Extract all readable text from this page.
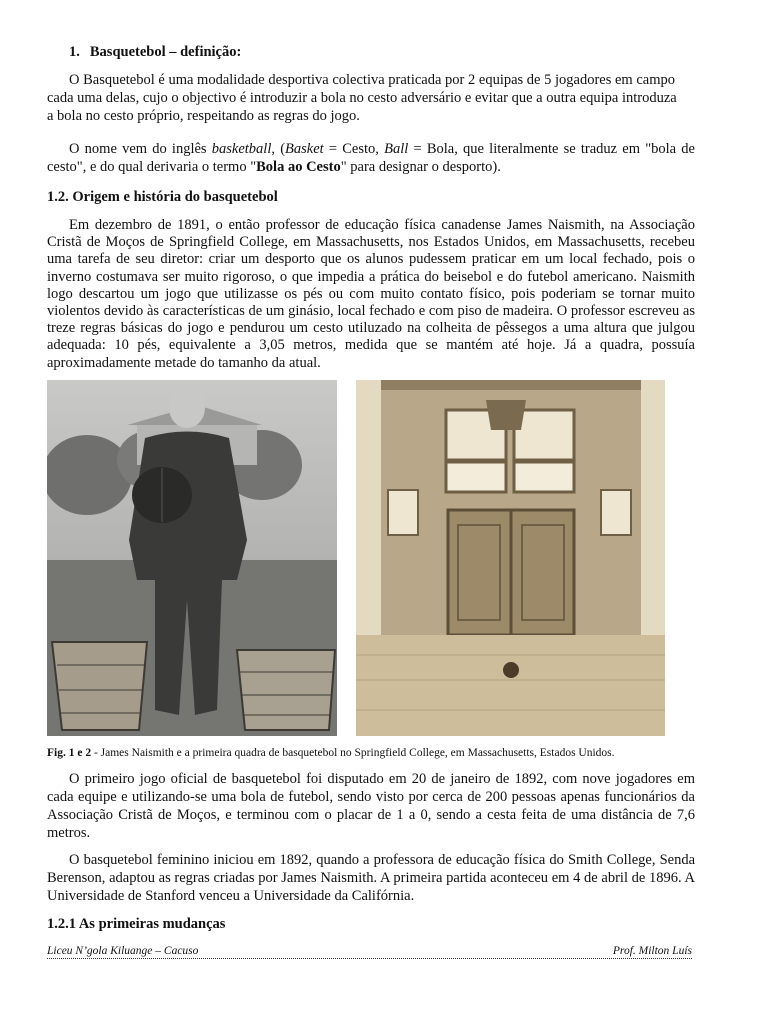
1. Basquetebol – definição:

O Basquetebol é uma modalidade desportiva colectiva praticada por 2 equipas de 5 jogadores em campo
cada uma delas, cujo o objectivo é introduzir a bola no cesto adversário e evitar que a outra equipa introduza
a bola no cesto próprio, respeitando as regras do jogo.

O nome vem do inglês basketball, (Basket = Cesto, Ball = Bola, que literalmente se traduz em "bola de cesto", e do qual derivaria o termo "Bola ao Cesto" para designar o desporto).

1.2. Origem e história do basquetebol

Em dezembro de 1891, o então professor de educação física canadense James Naismith, na Associação Cristã de Moços de Springfield College, em Massachusetts, nos Estados Unidos, em Massachusetts, recebeu uma tarefa de seu diretor: criar um desporto que os alunos pudessem praticar em um local fechado, pois o inverno costumava ser muito rigoroso, o que impedia a prática do beisebol e do futebol americano. Naismith logo descartou um jogo que utilizasse os pés ou com muito contato físico, pois poderiam se tornar muito violentos devido às características de um ginásio, local fechado e com piso de madeira. O professor escreveu as treze regras básicas do jogo e pendurou um cesto utiluzado na colheita de pêssegos a uma altura que julgou adequada: 10 pés, equivalente a 3,05 metros, medida que se mantém até hoje. Já a quadra, possuía aproximadamente metade do tamanho da atual.

Fig. 1 e 2 - James Naismith e a primeira quadra de basquetebol no Springfield College, em Massachusetts, Estados Unidos.

O primeiro jogo oficial de basquetebol foi disputado em 20 de janeiro de 1892, com nove jogadores em cada equipe e utilizando-se uma bola de futebol, sendo visto por cerca de 200 pessoas apenas funcionários da Associação Cristã de Moços, e terminou com o placar de 1 a 0, sendo a cesta feita de uma distância de 7,6 metros.

O basquetebol feminino iniciou em 1892, quando a professora de educação física do Smith College, Senda Berenson, adaptou as regras criadas por James Naismith. A primeira partida aconteceu em 4 de abril de 1896. A Universidade de Stanford venceu a Universidade da Califórnia.

1.2.1 As primeiras mudanças
Liceu N’gola Kiluange – Cacuso	Prof. Milton Luís
